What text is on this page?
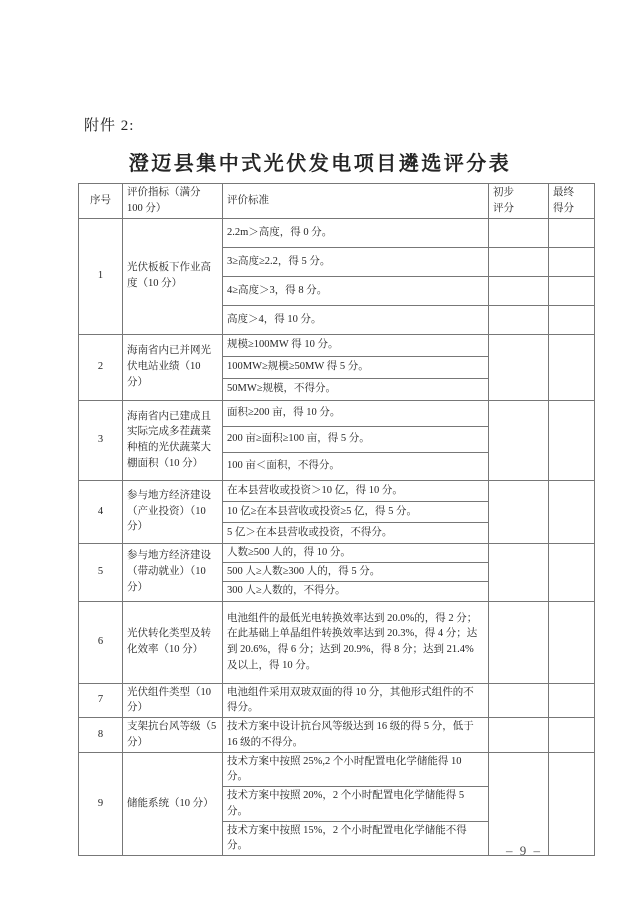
附件 2:
澄迈县集中式光伏发电项目遴选评分表
序号	评价指标（满分 100 分）	评价标准	初步评分	最终得分
1	光伏板板下作业高度（10 分）	2.2m＞高度，得 0 分。		
		3≥高度≥2.2，得 5 分。		
		4≥高度＞3，得 8 分。		
		高度＞4，得 10 分。		
2	海南省内已并网光伏电站业绩（10 分）	规模≥100MW 得 10 分。		
		100MW≥规模≥50MW 得 5 分。		
		50MW≥规模，不得分。		
3	海南省内已建成且实际完成多茬蔬菜种植的光伏蔬菜大棚面积（10 分）	面积≥200 亩，得 10 分。		
		200 亩≥面积≥100 亩，得 5 分。		
		100 亩＜面积，不得分。		
4	参与地方经济建设（产业投资）（10 分）	在本县营收或投资＞10 亿，得 10 分。		
		10 亿≥在本县营收或投资≥5 亿，得 5 分。		
		5 亿＞在本县营收或投资，不得分。		
5	参与地方经济建设（带动就业）（10 分）	人数≥500 人的，得 10 分。		
		500 人≥人数≥300 人的，得 5 分。		
		300 人≥人数的，不得分。		
6	光伏转化类型及转化效率（10 分）	电池组件的最低光电转换效率达到 20.0%的，得 2 分；在此基础上单晶组件转换效率达到 20.3%，得 4 分；达到 20.6%，得 6 分；达到 20.9%，得 8 分；达到 21.4%及以上，得 10 分。		
7	光伏组件类型（10 分）	电池组件采用双玻双面的得 10 分，其他形式组件的不得分。		
8	支架抗台风等级（5 分）	技术方案中设计抗台风等级达到 16 级的得 5 分，低于 16 级的不得分。		
9	储能系统（10 分）	技术方案中按照 25%,2 个小时配置电化学储能得 10 分。		
		技术方案中按照 20%，2 个小时配置电化学储能得 5 分。		
		技术方案中按照 15%，2 个小时配置电化学储能不得分。			– 9 –
